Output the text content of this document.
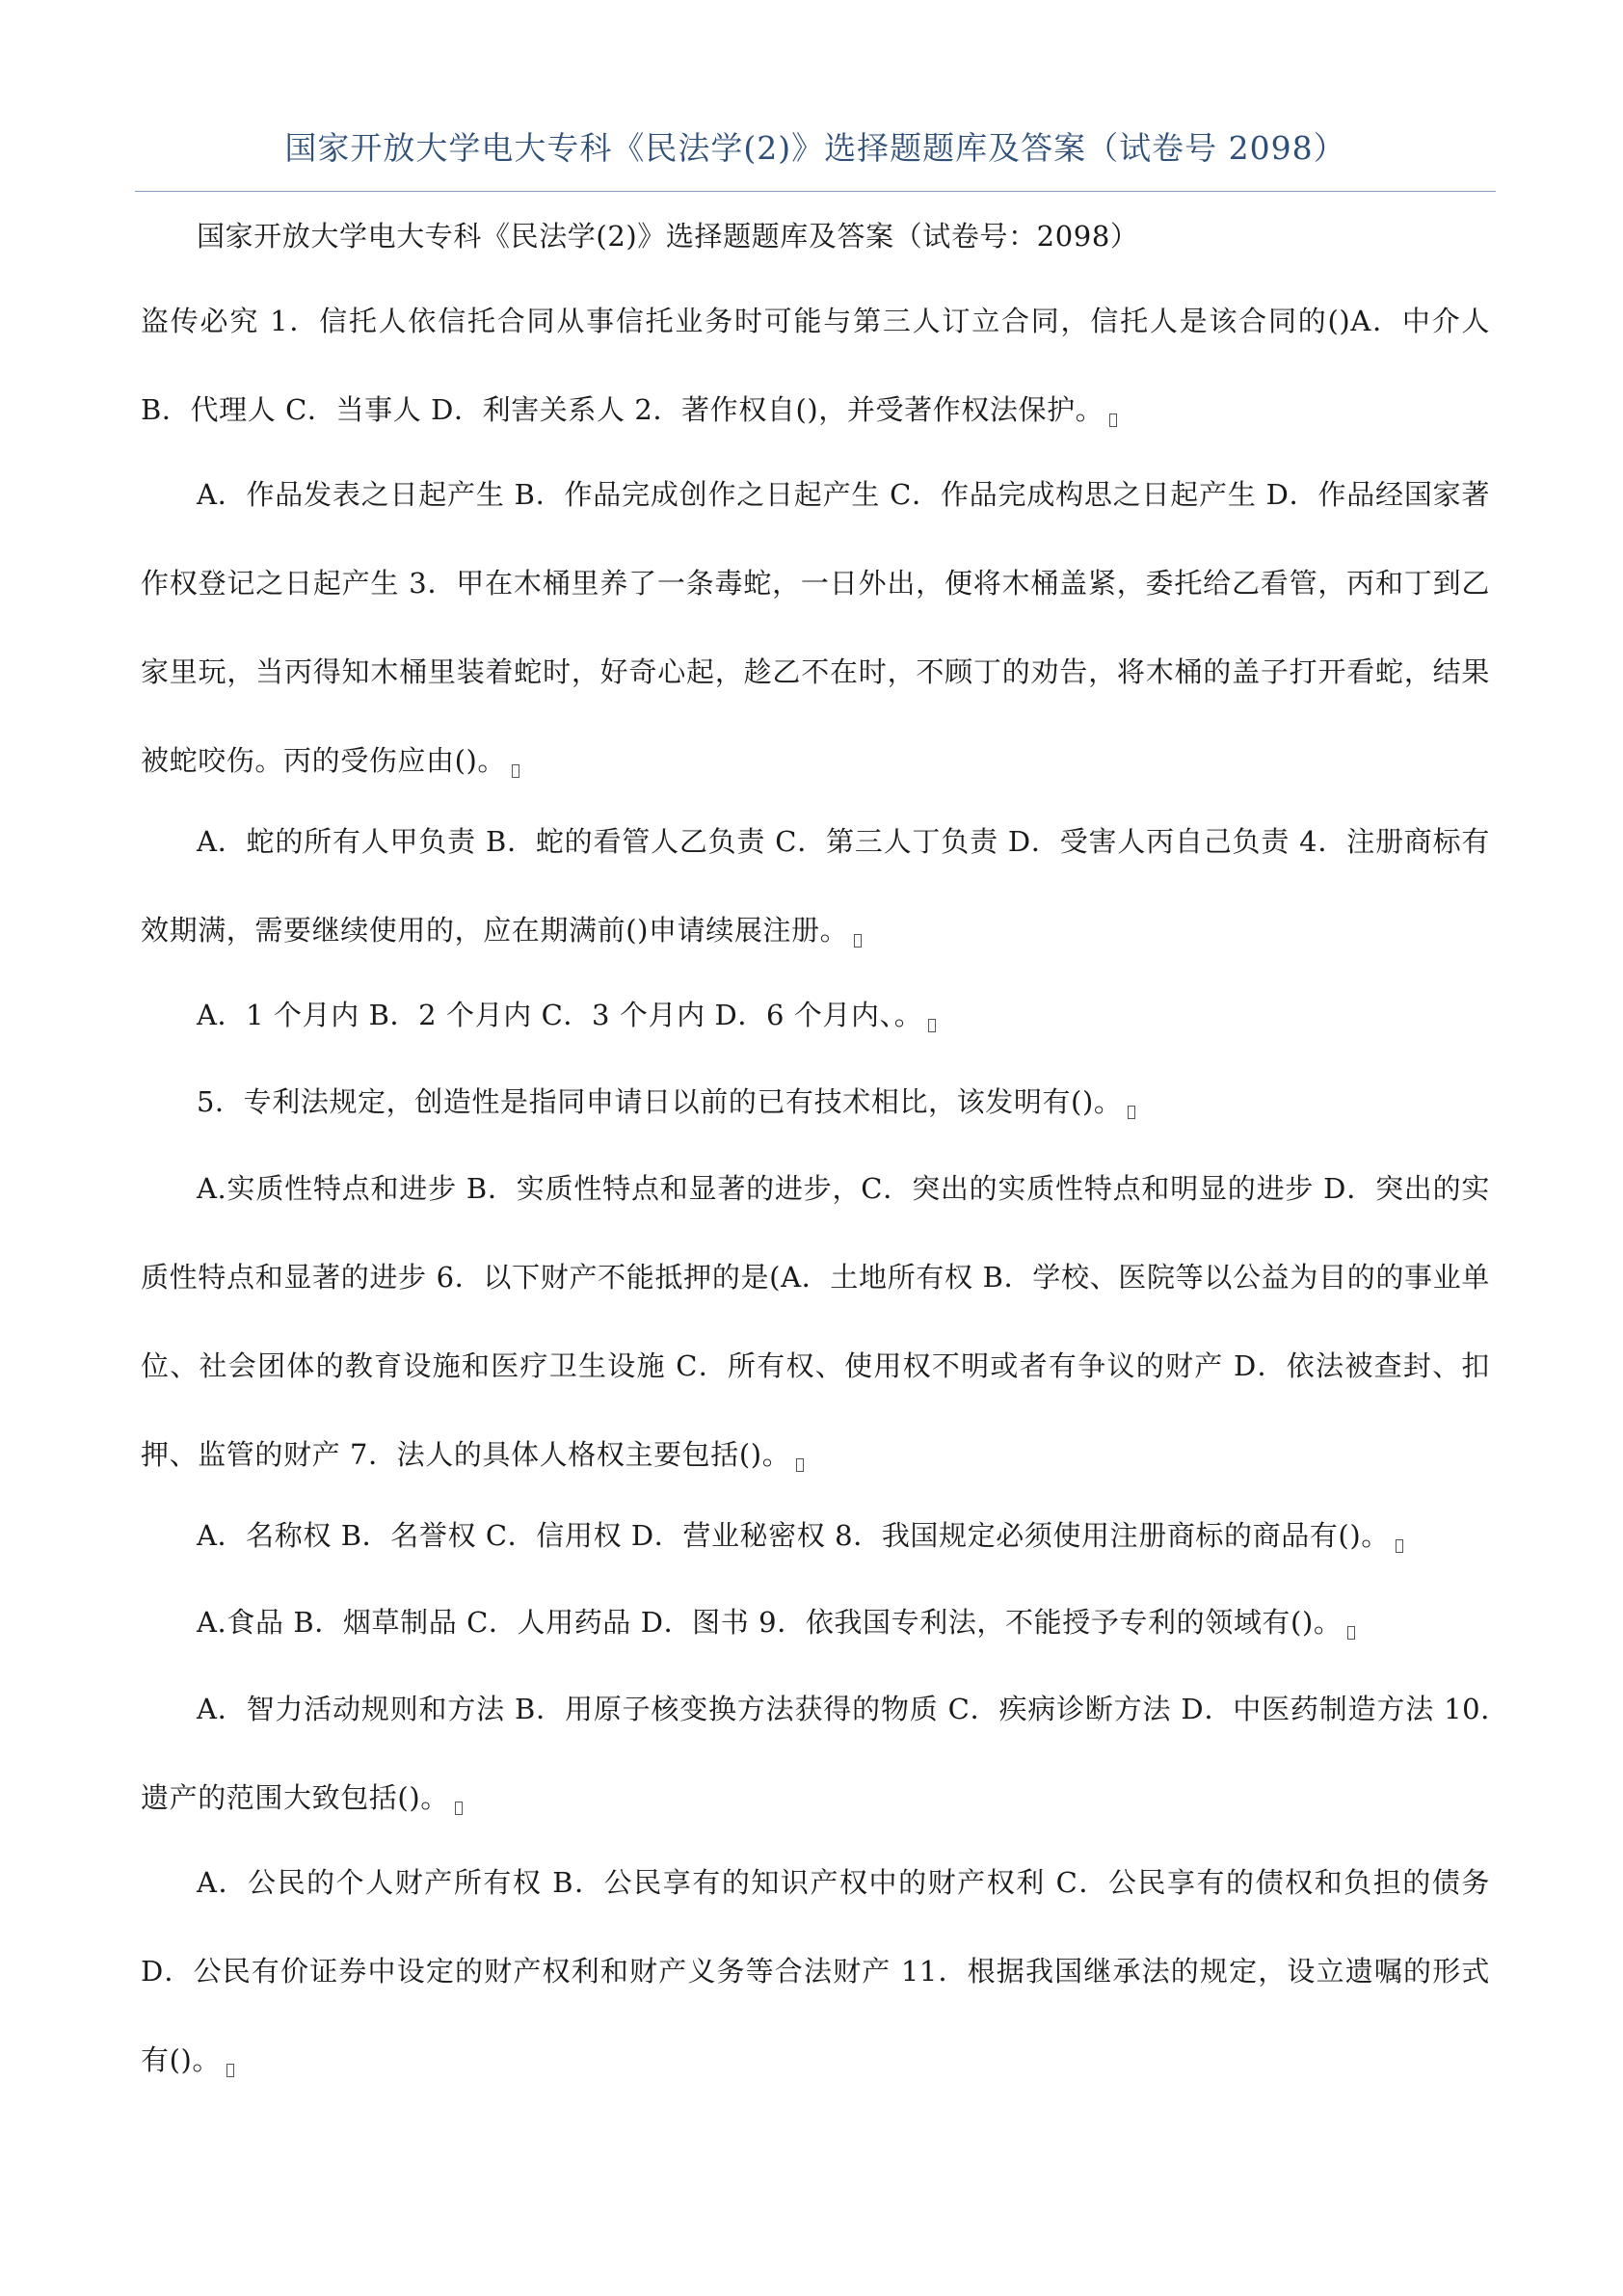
国家开放大学电大专科《民法学(2)》选择题题库及答案（试卷号 2098）
国家开放大学电大专科《民法学(2)》选择题题库及答案（试卷号：2098）
盗传必究 1．信托人依信托合同从事信托业务时可能与第三人订立合同，信托人是该合同的()A．中介人 B．代理人 C．当事人 D．利害关系人 2．著作权自()，并受著作权法保护。
A．作品发表之日起产生 B．作品完成创作之日起产生 C．作品完成构思之日起产生 D．作品经国家著作权登记之日起产生 3．甲在木桶里养了一条毒蛇，一日外出，便将木桶盖紧，委托给乙看管，丙和丁到乙家里玩，当丙得知木桶里装着蛇时，好奇心起，趁乙不在时，不顾丁的劝告，将木桶的盖子打开看蛇，结果被蛇咬伤。丙的受伤应由()。
A．蛇的所有人甲负责 B．蛇的看管人乙负责 C．第三人丁负责 D．受害人丙自己负责 4．注册商标有效期满，需要继续使用的，应在期满前()申请续展注册。
A．1 个月内 B．2 个月内 C．3 个月内 D．6 个月内、。
5．专利法规定，创造性是指同申请日以前的已有技术相比，该发明有()。
A.实质性特点和进步 B．实质性特点和显著的进步，C．突出的实质性特点和明显的进步 D．突出的实质性特点和显著的进步 6．以下财产不能抵押的是(A．土地所有权 B．学校、医院等以公益为目的的事业单位、社会团体的教育设施和医疗卫生设施 C．所有权、使用权不明或者有争议的财产 D．依法被查封、扣押、监管的财产 7．法人的具体人格权主要包括()。
A．名称权 B．名誉权 C．信用权 D．营业秘密权 8．我国规定必须使用注册商标的商品有()。
A.食品 B．烟草制品 C．人用药品 D．图书 9．依我国专利法，不能授予专利的领域有()。
A．智力活动规则和方法 B．用原子核变换方法获得的物质 C．疾病诊断方法 D．中医药制造方法 10.遗产的范围大致包括()。
A．公民的个人财产所有权 B．公民享有的知识产权中的财产权利 C．公民享有的债权和负担的债务 D．公民有价证券中设定的财产权利和财产义务等合法财产 11．根据我国继承法的规定，设立遗嘱的形式有()。
